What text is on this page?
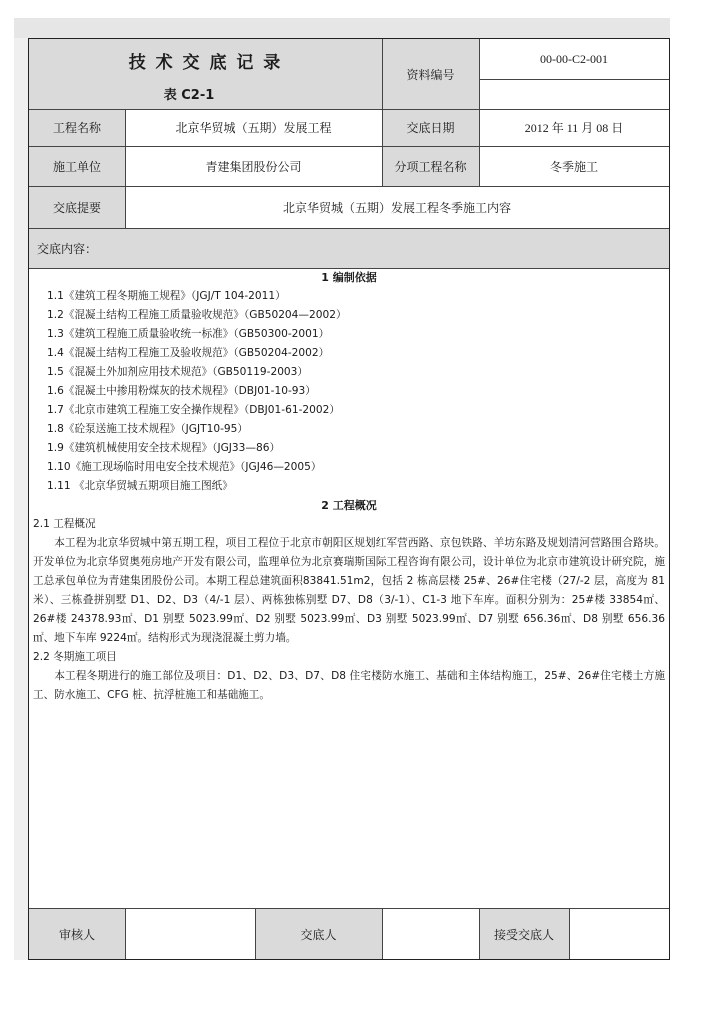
技 术 交 底 记 录
表 C2-1
资料编号
00-00-C2-001
工程名称	北京华贸城（五期）发展工程	交底日期	2012 年 11 月 08 日
施工单位	青建集团股份公司	分项工程名称	冬季施工
交底提要	北京华贸城（五期）发展工程冬季施工内容
交底内容：
1 编制依据
1.1《建筑工程冬期施工规程》（JGJ/T 104-2011）
1.2《混凝土结构工程施工质量验收规范》（GB50204—2002）
1.3《建筑工程施工质量验收统一标准》（GB50300-2001）
1.4《混凝土结构工程施工及验收规范》（GB50204-2002）
1.5《混凝土外加剂应用技术规范》（GB50119-2003）
1.6《混凝土中掺用粉煤灰的技术规程》（DBJ01-10-93）
1.7《北京市建筑工程施工安全操作规程》（DBJ01-61-2002）
1.8《砼泵送施工技术规程》（JGJT10-95）
1.9《建筑机械使用安全技术规程》（JGJ33—86）
1.10《施工现场临时用电安全技术规范》（JGJ46—2005）
1.11 《北京华贸城五期项目施工图纸》
2 工程概况
2.1 工程概况
本工程为北京华贸城中第五期工程，项目工程位于北京市朝阳区规划红军营西路、京包铁路、羊坊东路及规划清河营路围合路块。开发单位为北京华贸奥苑房地产开发有限公司，监理单位为北京赛瑞斯国际工程咨询有限公司，设计单位为北京市建筑设计研究院，施工总承包单位为青建集团股份公司。本期工程总建筑面积83841.51m2，包括 2 栋高层楼 25#、26#住宅楼（27/-2 层，高度为 81 米）、三栋叠拼别墅 D1、D2、D3（4/-1 层）、两栋独栋别墅 D7、D8（3/-1）、C1-3 地下车库。面积分别为：25#楼 33854㎡、26#楼 24378.93㎡、D1 别墅 5023.99㎡、D2 别墅 5023.99㎡、D3 别墅 5023.99㎡、D7 别墅 656.36㎡、D8 别墅 656.36㎡、地下车库 9224㎡。结构形式为现浇混凝土剪力墙。
2.2 冬期施工项目
本工程冬期进行的施工部位及项目：D1、D2、D3、D7、D8 住宅楼防水施工、基础和主体结构施工，25#、26#住宅楼土方施工、防水施工、CFG 桩、抗浮桩施工和基础施工。
审核人	交底人	接受交底人
